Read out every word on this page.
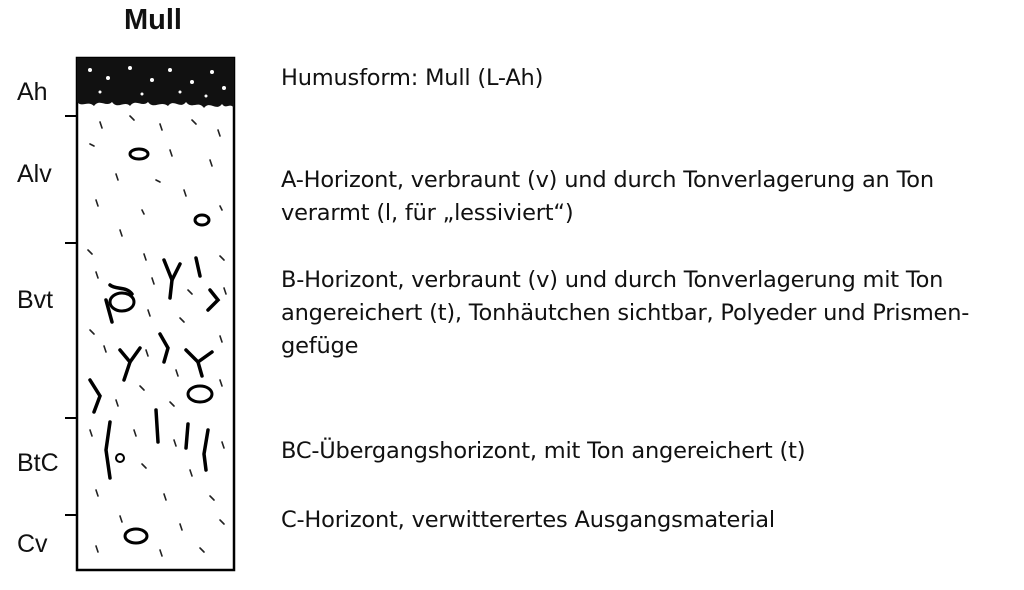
Mull
Ah
Alv
Bvt
BtC
Cv
Humusform: Mull (L-Ah)
A-Horizont, verbraunt (v) und durch Tonverlagerung an Ton
verarmt (l, für „lessiviert“)
B-Horizont, verbraunt (v) und durch Tonverlagerung mit Ton
angereichert (t), Tonhäutchen sichtbar, Polyeder und Prismen-
gefüge
BC-Übergangshorizont, mit Ton angereichert (t)
C-Horizont, verwitterertes Ausgangsmaterial
